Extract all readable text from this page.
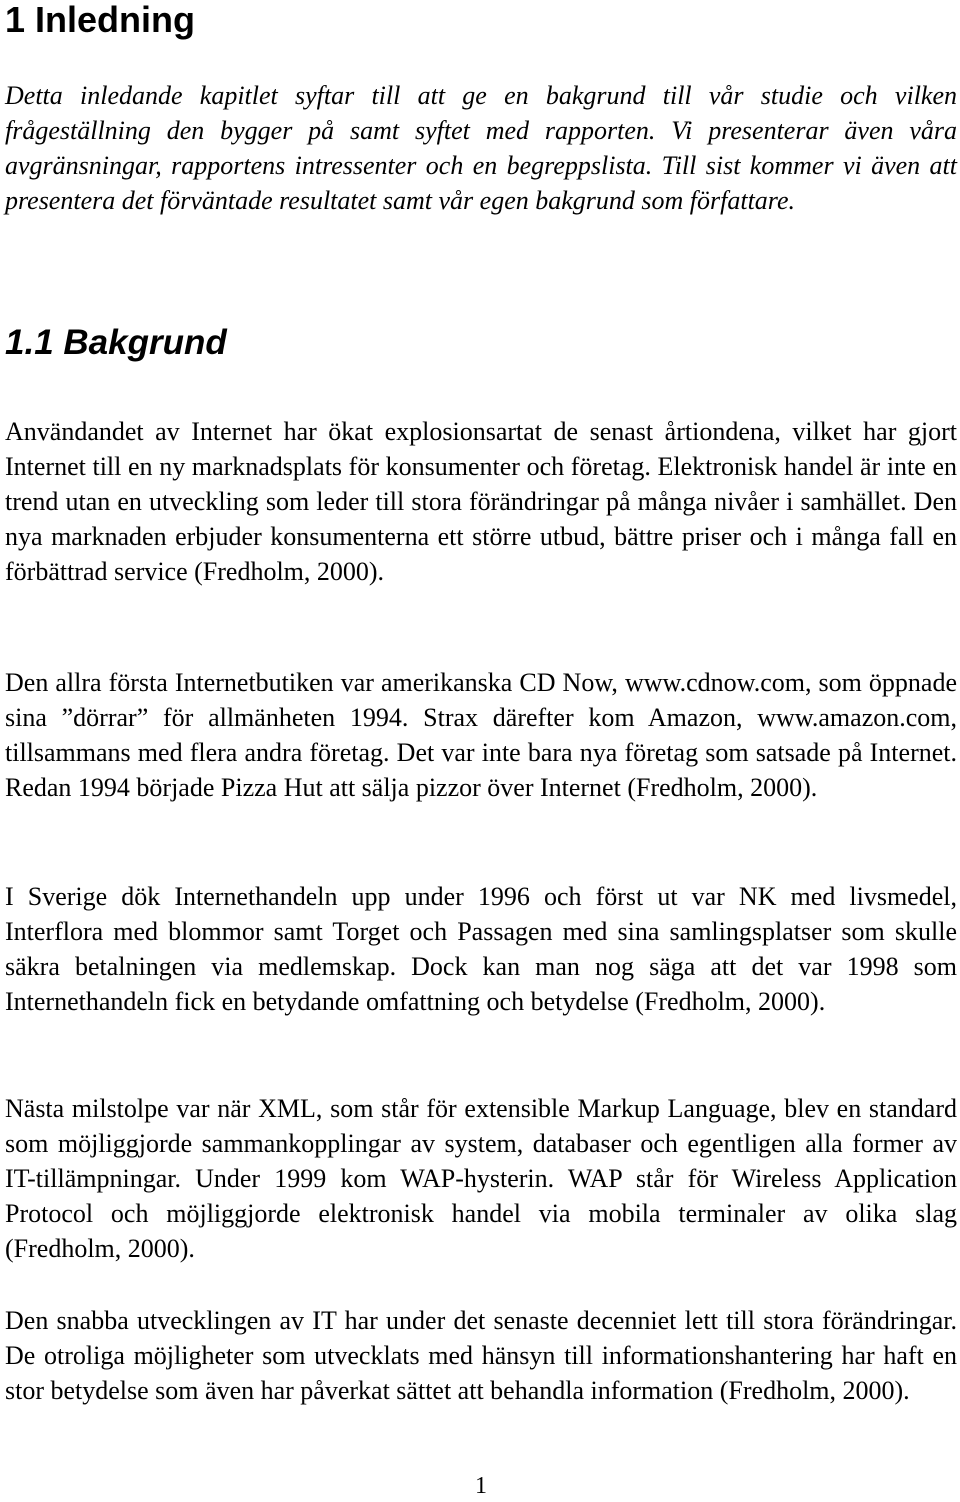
1 Inledning

Detta inledande kapitlet syftar till att ge en bakgrund till vår studie och vilken frågeställning den bygger på samt syftet med rapporten. Vi presenterar även våra avgränsningar, rapportens intressenter och en begreppslista. Till sist kommer vi även att presentera det förväntade resultatet samt vår egen bakgrund som författare.

1.1 Bakgrund

Användandet av Internet har ökat explosionsartat de senast årtiondena, vilket har gjort Internet till en ny marknadsplats för konsumenter och företag. Elektronisk handel är inte en trend utan en utveckling som leder till stora förändringar på många nivåer i samhället. Den nya marknaden erbjuder konsumenterna ett större utbud, bättre priser och i många fall en förbättrad service (Fredholm, 2000).

Den allra första Internetbutiken var amerikanska CD Now, www.cdnow.com, som öppnade sina ”dörrar” för allmänheten 1994. Strax därefter kom Amazon, www.amazon.com, tillsammans med flera andra företag. Det var inte bara nya företag som satsade på Internet. Redan 1994 började Pizza Hut att sälja pizzor över Internet (Fredholm, 2000).

I Sverige dök Internethandeln upp under 1996 och först ut var NK med livsmedel, Interflora med blommor samt Torget och Passagen med sina samlingsplatser som skulle säkra betalningen via medlemskap. Dock kan man nog säga att det var 1998 som Internethandeln fick en betydande omfattning och betydelse (Fredholm, 2000).

Nästa milstolpe var när XML, som står för extensible Markup Language, blev en standard som möjliggjorde sammankopplingar av system, databaser och egentligen alla former av IT-tillämpningar. Under 1999 kom WAP-hysterin. WAP står för Wireless Application Protocol och möjliggjorde elektronisk handel via mobila terminaler av olika slag (Fredholm, 2000).

Den snabba utvecklingen av IT har under det senaste decenniet lett till stora förändringar. De otroliga möjligheter som utvecklats med hänsyn till informationshantering har haft en stor betydelse som även har påverkat sättet att behandla information (Fredholm, 2000).

1
